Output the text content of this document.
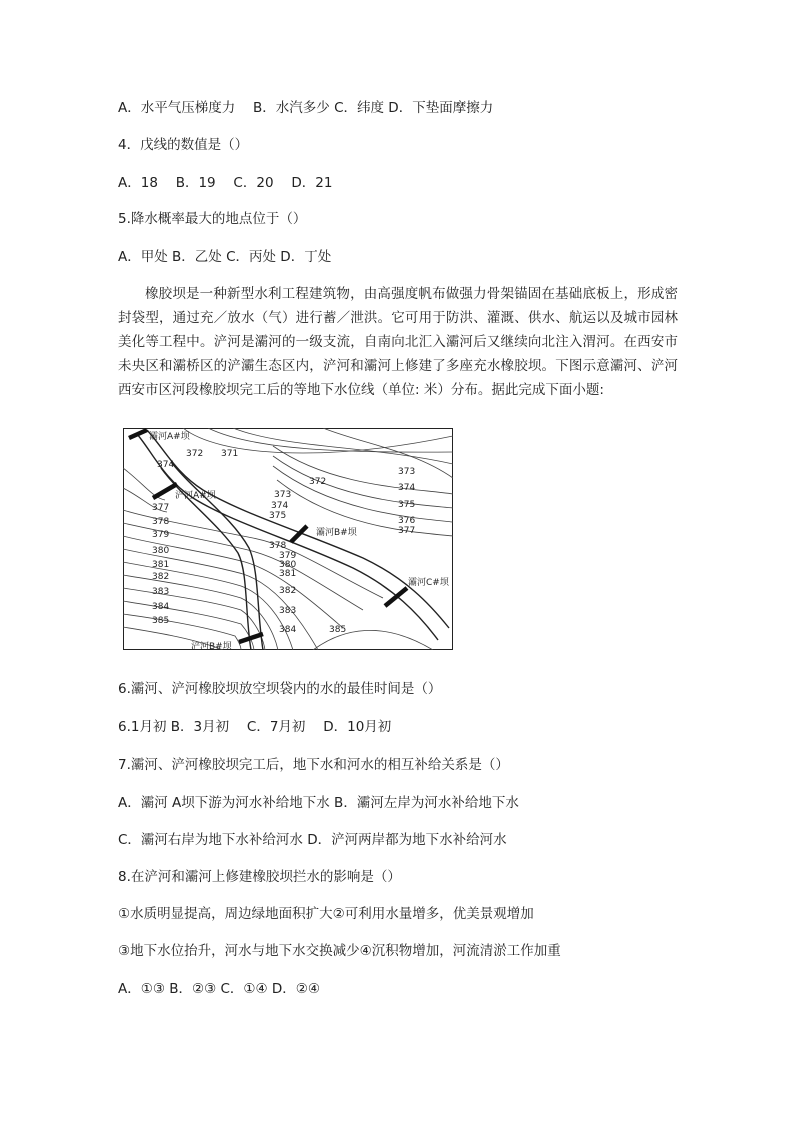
A．水平气压梯度力　 B．水汽多少 C．纬度 D．下垫面摩擦力
4．戊线的数值是（）
A．18　 B．19　 C．20　 D．21
5.降水概率最大的地点位于（）
A．甲处 B．乙处 C．丙处 D．丁处
橡胶坝是一种新型水利工程建筑物，由高强度帆布做强力骨架锚固在基础底板上，形成密封袋型，通过充／放水（气）进行蓄／泄洪。它可用于防洪、灌溉、供水、航运以及城市园林美化等工程中。浐河是灞河的一级支流，自南向北汇入灞河后又继续向北注入渭河。在西安市未央区和灞桥区的浐灞生态区内，浐河和灞河上修建了多座充水橡胶坝。下图示意灞河、浐河西安市区河段橡胶坝完工后的等地下水位线（单位: 米）分布。据此完成下面小题:
灞河A#坝
浐河A#坝
灞河B#坝
灞河C#坝
浐河B#坝
372 371
372
373
374
375
376
377
373
374
375
374
377
378
379
380
381
382
383
384
385
378
379
380
381
382
383
384	385
6.灞河、浐河橡胶坝放空坝袋内的水的最佳时间是（）
6.1月初 B．3月初　 C．7月初　 D．10月初
7.灞河、浐河橡胶坝完工后，地下水和河水的相互补给关系是（）
A．灞河 A坝下游为河水补给地下水 B．灞河左岸为河水补给地下水
C．灞河右岸为地下水补给河水 D．浐河两岸都为地下水补给河水
8.在浐河和灞河上修建橡胶坝拦水的影响是（）
①水质明显提高，周边绿地面积扩大②可利用水量增多，优美景观增加
③地下水位抬升，河水与地下水交换减少④沉积物增加，河流清淤工作加重
A．①③ B．②③ C．①④ D．②④
